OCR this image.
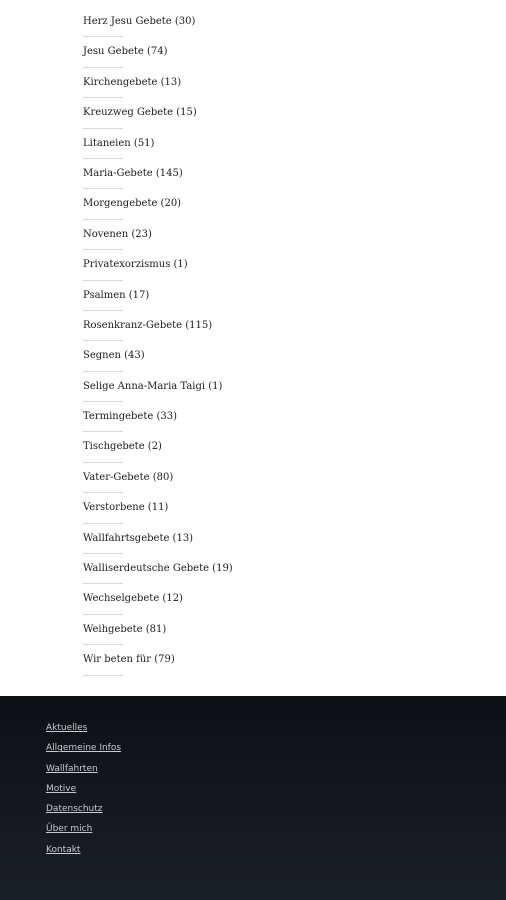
Herz Jesu Gebete (30)
Jesu Gebete (74)
Kirchengebete (13)
Kreuzweg Gebete (15)
Litaneien (51)
Maria-Gebete (145)
Morgengebete (20)
Novenen (23)
Privatexorzismus (1)
Psalmen (17)
Rosenkranz-Gebete (115)
Segnen (43)
Selige Anna-Maria Taigi (1)
Termingebete (33)
Tischgebete (2)
Vater-Gebete (80)
Verstorbene (11)
Wallfahrtsgebete (13)
Walliserdeutsche Gebete (19)
Wechselgebete (12)
Weihgebete (81)
Wir beten für (79)
Aktuelles
Allgemeine Infos
Wallfahrten
Motive
Datenschutz
Über mich
Kontakt
